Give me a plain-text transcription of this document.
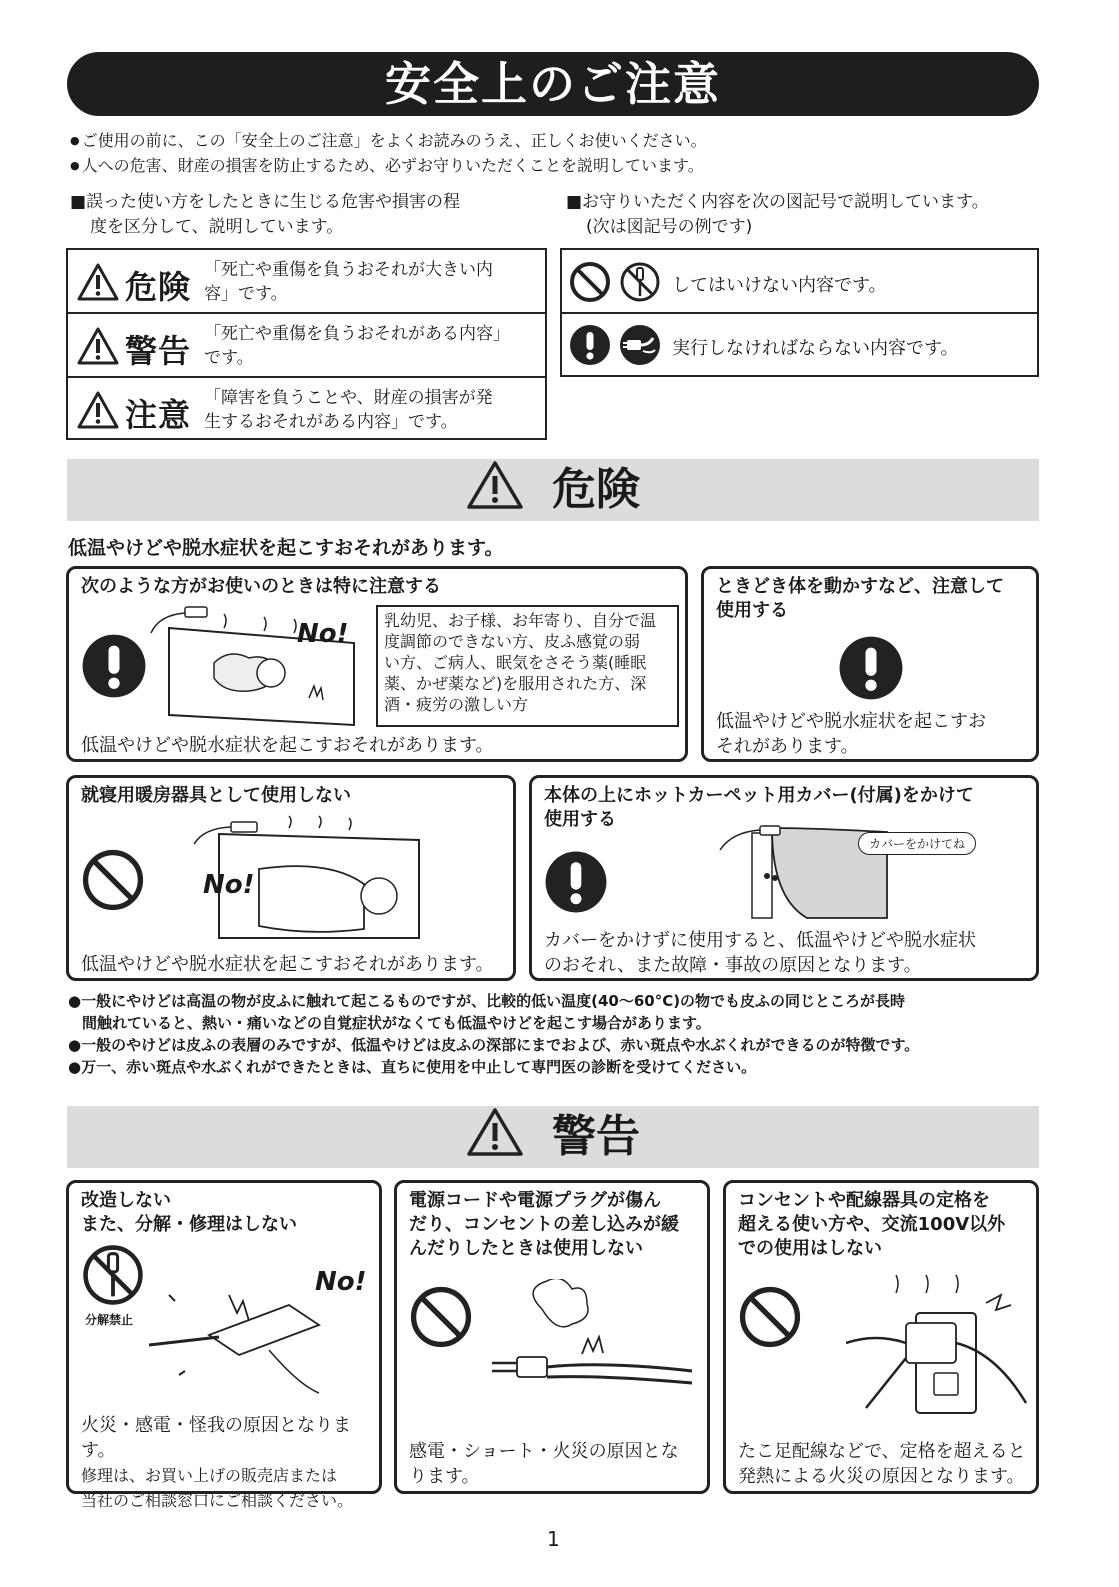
安全上のご注意
● ご使用の前に、この「安全上のご注意」をよくお読みのうえ、正しくお使いください。
● 人への危害、財産の損害を防止するため、必ずお守りいただくことを説明しています。
■誤った使い方をしたときに生じる危害や損害の程
度を区分して、説明しています。
■お守りいただく内容を次の図記号で説明しています。
(次は図記号の例です)
危険 「死亡や重傷を負うおそれが大きい内
容」です。
警告 「死亡や重傷を負うおそれがある内容」
です。
注意 「障害を負うことや、財産の損害が発
生するおそれがある内容」です。
してはいけない内容です。
実行しなければならない内容です。
危険
低温やけどや脱水症状を起こすおそれがあります。
次のような方がお使いのときは特に注意する
No! 乳幼児、お子様、お年寄り、自分で温
度調節のできない方、皮ふ感覚の弱
い方、ご病人、眠気をさそう薬(睡眠
薬、かぜ薬など)を服用された方、深
酒・疲労の激しい方
低温やけどや脱水症状を起こすおそれがあります。
ときどき体を動かすなど、注意して
使用する
低温やけどや脱水症状を起こすお
それがあります。
就寝用暖房器具として使用しない
No!
低温やけどや脱水症状を起こすおそれがあります。
本体の上にホットカーペット用カバー(付属)をかけて
使用する
カバーをかけてね
カバーをかけずに使用すると、低温やけどや脱水症状
のおそれ、また故障・事故の原因となります。
●一般にやけどは高温の物が皮ふに触れて起こるものですが、比較的低い温度(40〜60°C)の物でも皮ふの同じところが長時
間触れていると、熱い・痛いなどの自覚症状がなくても低温やけどを起こす場合があります。
●一般のやけどは皮ふの表層のみですが、低温やけどは皮ふの深部にまでおよび、赤い斑点や水ぶくれができるのが特徴です。
●万一、赤い斑点や水ぶくれができたときは、直ちに使用を中止して専門医の診断を受けてください。
警告
改造しない
また、分解・修理はしない
分解禁止
No!
火災・感電・怪我の原因となります。
修理は、お買い上げの販売店または
当社のご相談窓口にご相談ください。
電源コードや電源プラグが傷ん
だり、コンセントの差し込みが緩
んだりしたときは使用しない
感電・ショート・火災の原因とな
ります。
コンセントや配線器具の定格を
超える使い方や、交流100V以外
での使用はしない
たこ足配線などで、定格を超えると
発熱による火災の原因となります。
1
